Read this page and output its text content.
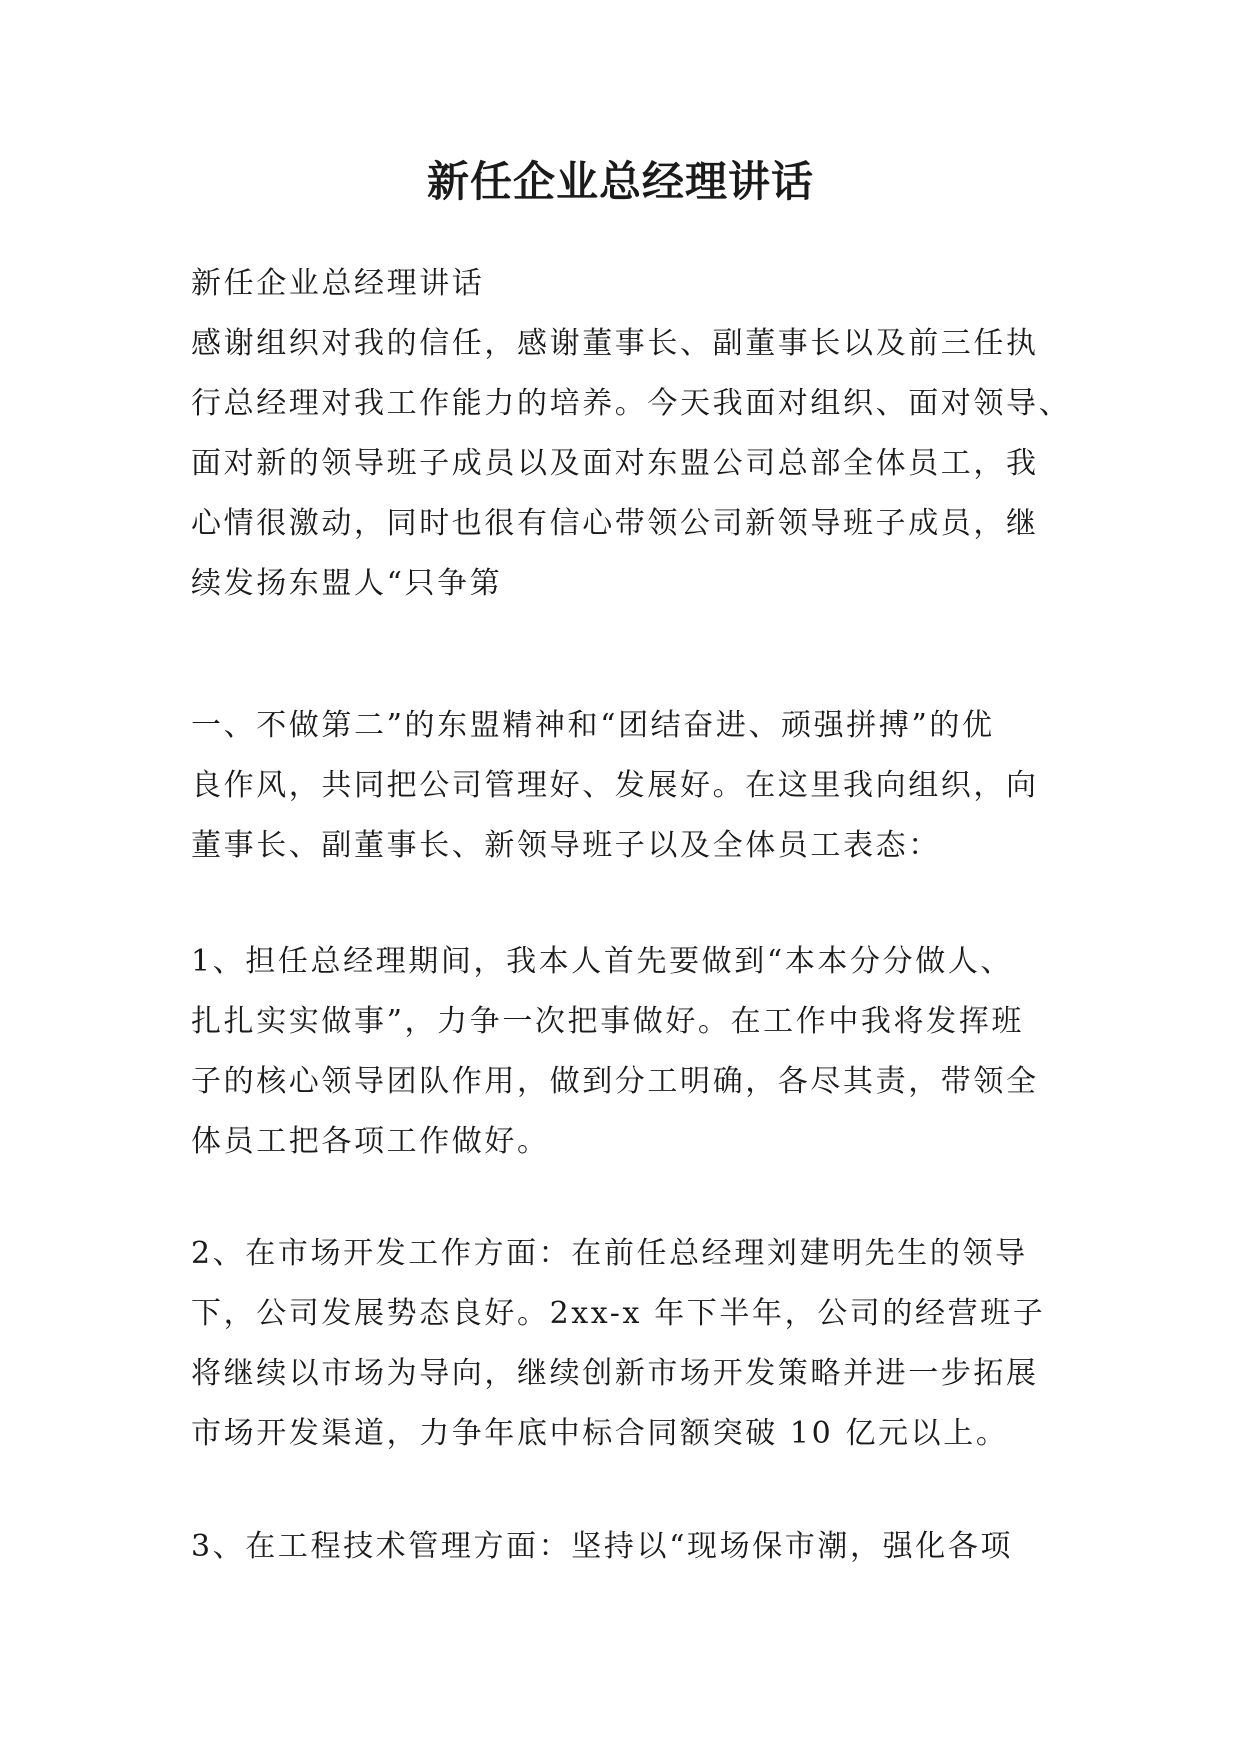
新任企业总经理讲话
新任企业总经理讲话
感谢组织对我的信任，感谢董事长、副董事长以及前三任执
行总经理对我工作能力的培养。今天我面对组织、面对领导、
面对新的领导班子成员以及面对东盟公司总部全体员工，我
心情很激动，同时也很有信心带领公司新领导班子成员，继
续发扬东盟人“只争第
一、不做第二”的东盟精神和“团结奋进、顽强拼搏”的优
良作风，共同把公司管理好、发展好。在这里我向组织，向
董事长、副董事长、新领导班子以及全体员工表态：
1、担任总经理期间，我本人首先要做到“本本分分做人、
扎扎实实做事”，力争一次把事做好。在工作中我将发挥班
子的核心领导团队作用，做到分工明确，各尽其责，带领全
体员工把各项工作做好。
2、在市场开发工作方面：在前任总经理刘建明先生的领导
下，公司发展势态良好。2xx-x 年下半年，公司的经营班子
将继续以市场为导向，继续创新市场开发策略并进一步拓展
市场开发渠道，力争年底中标合同额突破 10 亿元以上。
3、在工程技术管理方面：坚持以“现场保市潮，强化各项
